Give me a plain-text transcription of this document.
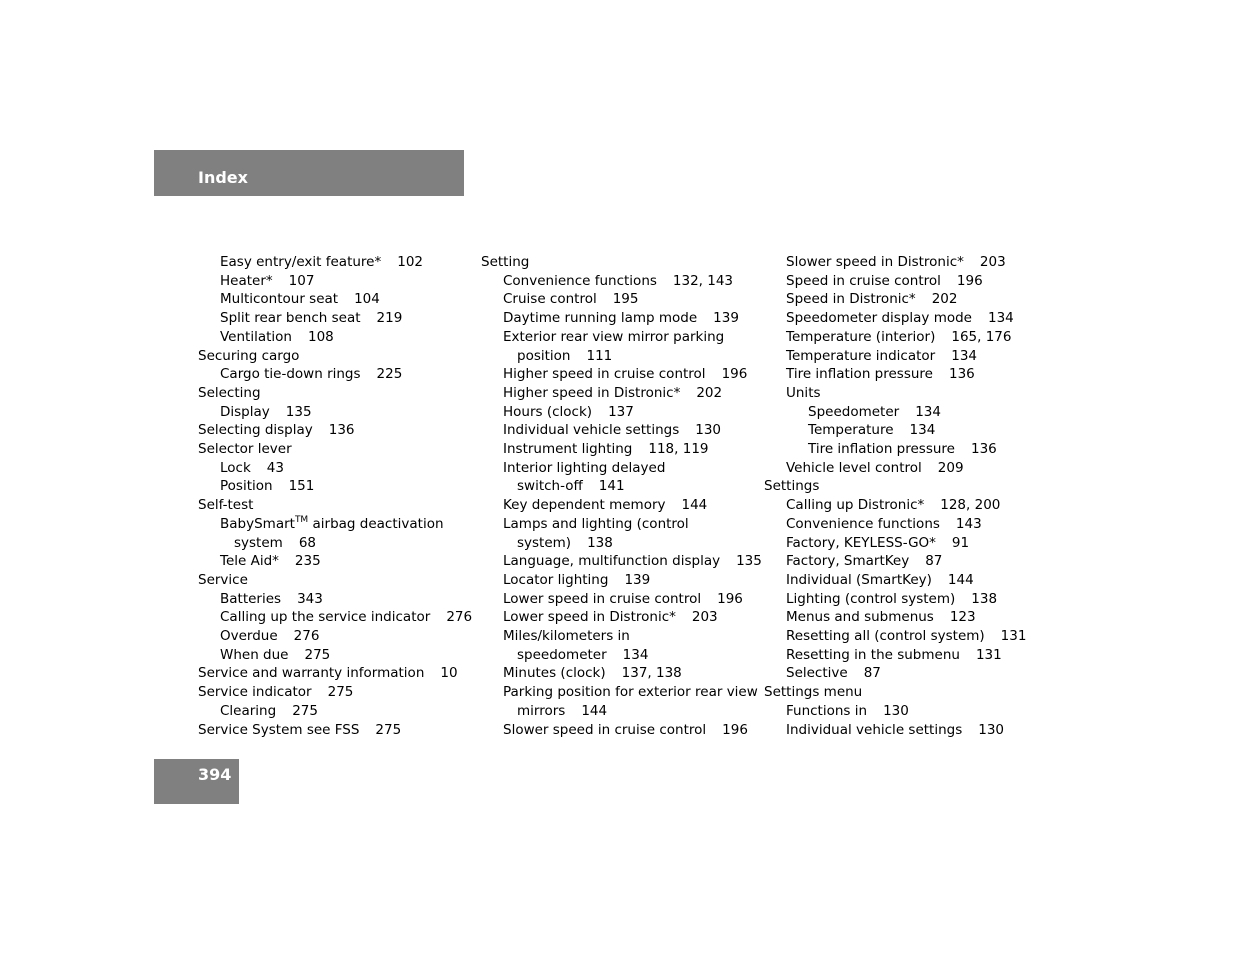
Index
Easy entry/exit feature* 102
Heater* 107
Multicontour seat 104
Split rear bench seat 219
Ventilation 108
Securing cargo
Cargo tie-down rings 225
Selecting
Display 135
Selecting display 136
Selector lever
Lock 43
Position 151
Self-test
BabySmart™ airbag deactivation
system 68
Tele Aid* 235
Service
Batteries 343
Calling up the service indicator 276
Overdue 276
When due 275
Service and warranty information 10
Service indicator 275
Clearing 275
Service System see FSS 275
Setting
Convenience functions 132, 143
Cruise control 195
Daytime running lamp mode 139
Exterior rear view mirror parking
position 111
Higher speed in cruise control 196
Higher speed in Distronic* 202
Hours (clock) 137
Individual vehicle settings 130
Instrument lighting 118, 119
Interior lighting delayed
switch-off 141
Key dependent memory 144
Lamps and lighting (control
system) 138
Language, multifunction display 135
Locator lighting 139
Lower speed in cruise control 196
Lower speed in Distronic* 203
Miles/kilometers in
speedometer 134
Minutes (clock) 137, 138
Parking position for exterior rear view
mirrors 144
Slower speed in cruise control 196
Slower speed in Distronic* 203
Speed in cruise control 196
Speed in Distronic* 202
Speedometer display mode 134
Temperature (interior) 165, 176
Temperature indicator 134
Tire inflation pressure 136
Units
Speedometer 134
Temperature 134
Tire inflation pressure 136
Vehicle level control 209
Settings
Calling up Distronic* 128, 200
Convenience functions 143
Factory, KEYLESS-GO* 91
Factory, SmartKey 87
Individual (SmartKey) 144
Lighting (control system) 138
Menus and submenus 123
Resetting all (control system) 131
Resetting in the submenu 131
Selective 87
Settings menu
Functions in 130
Individual vehicle settings 130
394
